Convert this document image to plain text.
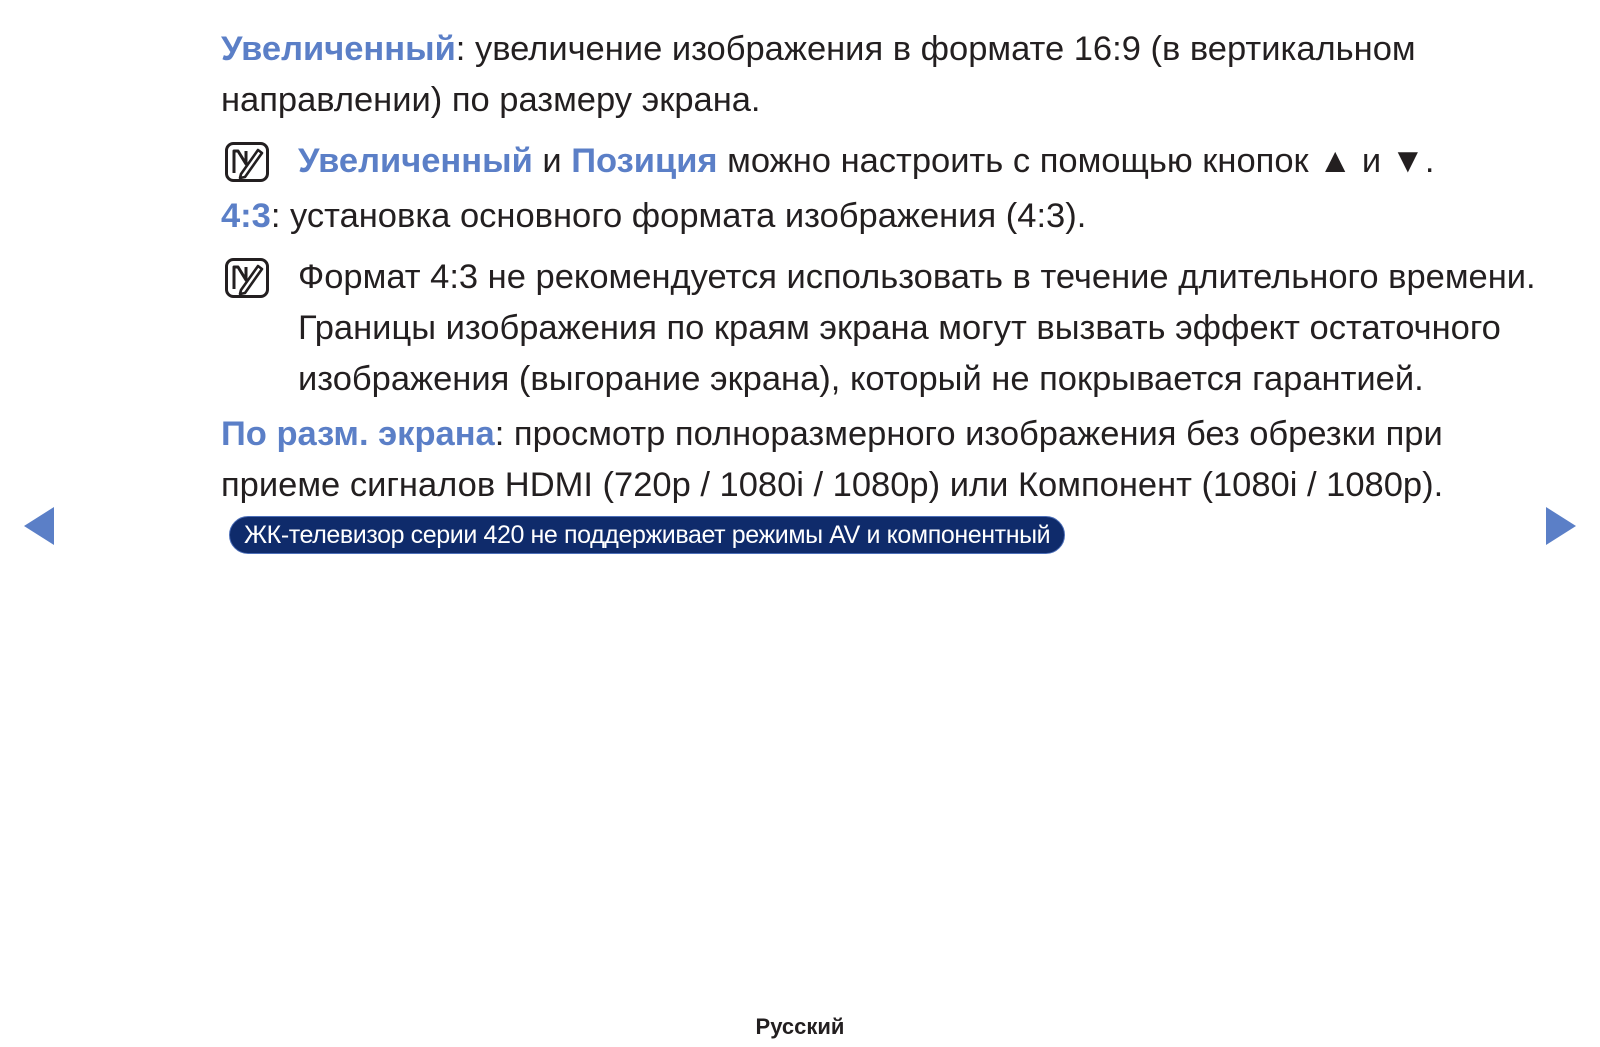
Увеличенный: увеличение изображения в формате 16:9 (в вертикальном направлении) по размеру экрана.

Увеличенный и Позиция можно настроить с помощью кнопок ▲ и ▼.

4:3: установка основного формата изображения (4:3).

Формат 4:3 не рекомендуется использовать в течение длительного времени. Границы изображения по краям экрана могут вызвать эффект остаточного изображения (выгорание экрана), который не покрывается гарантией.

По разм. экрана: просмотр полноразмерного изображения без обрезки при приеме сигналов HDMI (720p / 1080i / 1080p) или Компонент (1080i / 1080p).ЖК-телевизор серии 420 не поддерживает режимы AV и компонентный

Русский
